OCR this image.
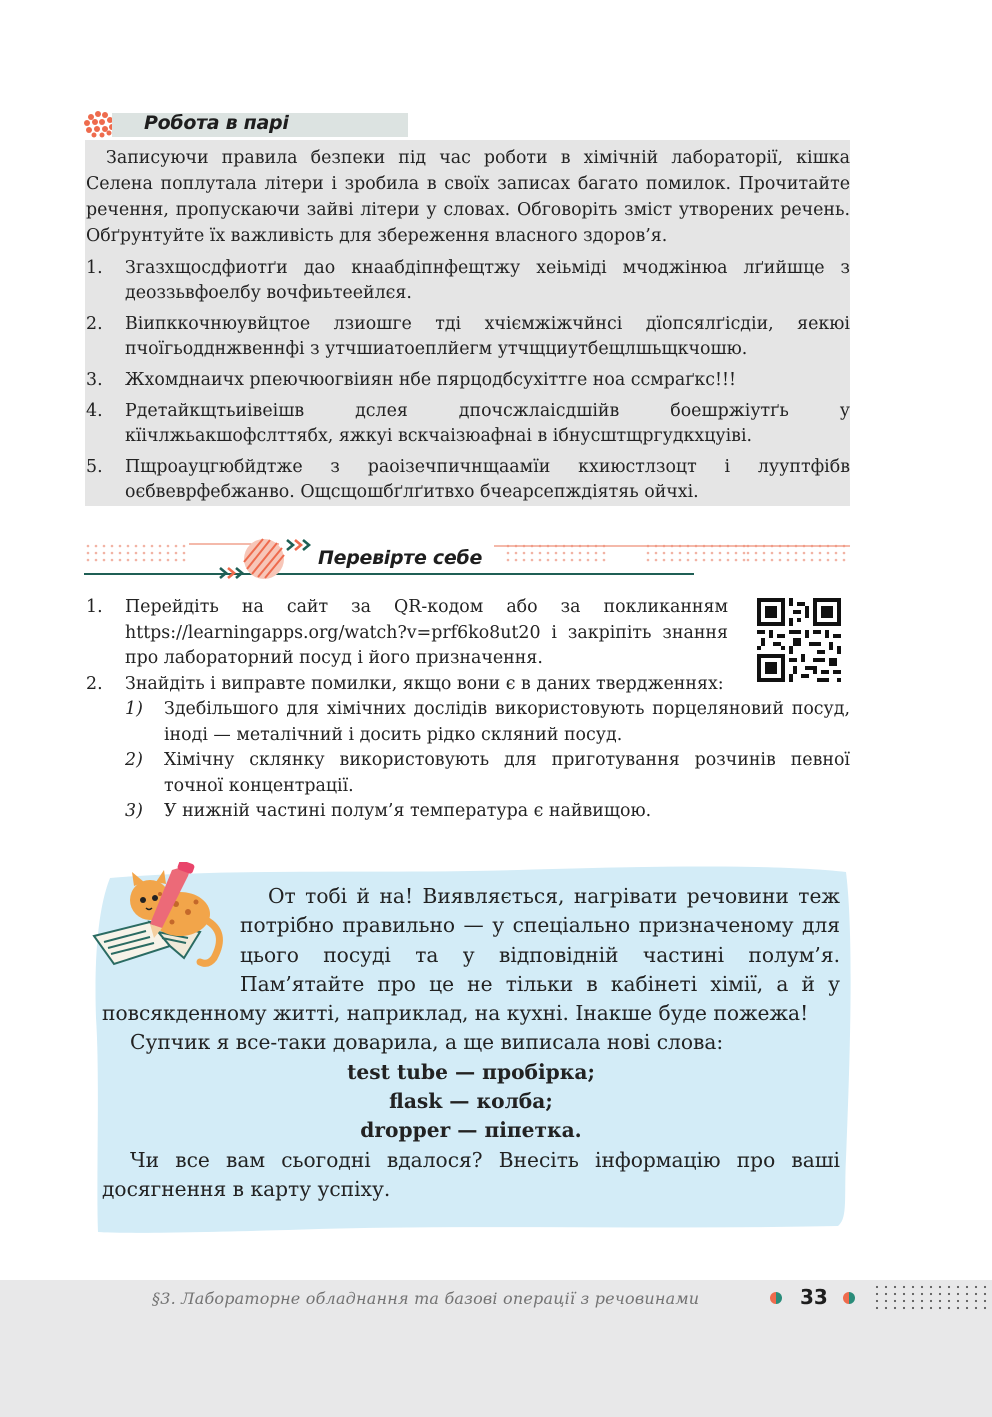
Робота в парі

Записуючи правила безпеки під час роботи в хімічній лабораторії, кішка Селена поплутала літери і зробила в своїх записах багато помилок. Прочитайте речення, пропускаючи зайві літери у словах. Обговоріть зміст утворених речень. Обґрунтуйте їх важливість для збереження власного здоров’я.

1. Згазхщосдфиотґи дао кнаабдіпнфещтжу хеіьміді мчоджінюа лґийшце з деоззьвфоелбу вочфиьтеейлєя.
2. Віипккочнюувйцтое лзиошге тді хчіємжіжчйнсі дїопсялґісдіи, яекюі пчоїгьодднжвеннфі з утчшиатоеплйегм утчщциутбещлшьщкчошю.
3. Жхомднаичх рпеючюогвіиян нбе пярцодбсухіттге ноа ссмраґкс!!!
4. Рдетайкщтьиівеішв дслея дпочсжлаісдшійв боешржіутґь у кїічлжьакшофслттябх, яжкуі вскчаізюафнаі в ібнусштщргудкхцуіві.
5. Пщроауцгюбйдтже з раоізечпичнщаамїи кхиюстлзоцт і лууптфібв оєбвеврфебжанво. Ощсщошбґлґитвхо бчеарсепждіятяь ойчхі.
Перевірте себе
1. Перейдіть на сайт за QR-кодом або за покликанням https://learningapps.org/watch?v=prf6ko8ut20 і закріпіть знання про лабораторний посуд і його призначення.
2. Знайдіть і виправте помилки, якщо вони є в даних твердженнях:
1) Здебільшого для хімічних дослідів використовують порцеляновий посуд, іноді — металічний і досить рідко скляний посуд.
2) Хімічну склянку використовують для приготування розчинів певної точної концентрації.
3) У нижній частині полум’я температура є найвищою.

От тобі й на! Виявляється, нагрівати речовини теж потрібно правильно — у спеціально призначеному для цього посуді та у відповідній частині полум’я. Пам’ятайте про це не тільки в кабінеті хімії, а й у повсякденному житті, наприклад, на кухні. Інакше буде пожежа!

Супчик я все-таки доварила, а ще виписала нові слова:

test tube — пробірка;

flask — колба;

dropper — піпетка.

Чи все вам сьогодні вдалося? Внесіть інформацію про ваші досягнення в карту успіху.

§3. Лабораторне обладнання та базові операції з речовинами	33
